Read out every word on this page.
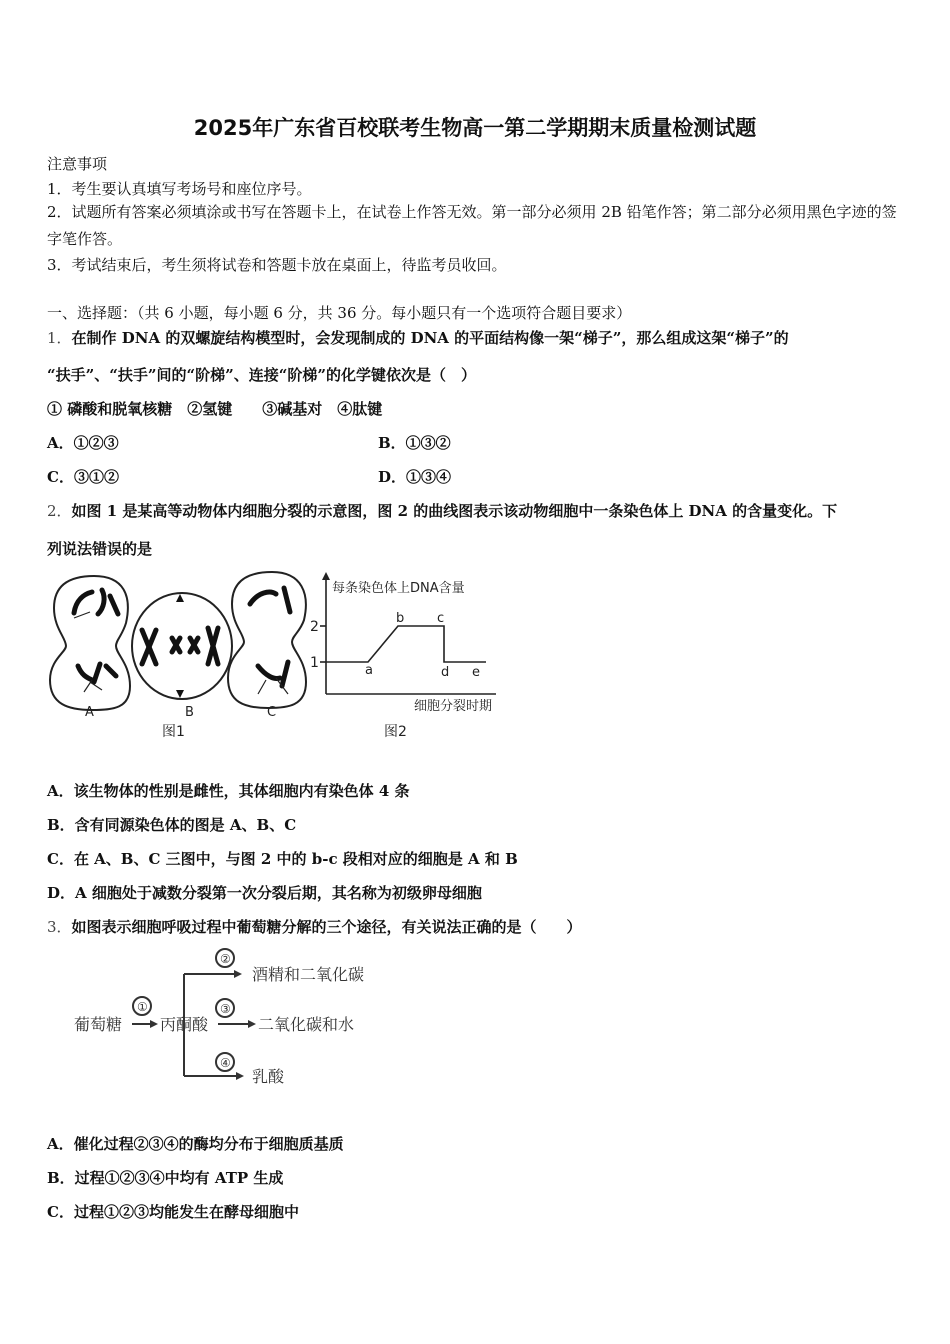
2025年广东省百校联考生物高一第二学期期末质量检测试题
注意事项
1．考生要认真填写考场号和座位序号。
2．试题所有答案必须填涂或书写在答题卡上，在试卷上作答无效。第一部分必须用 2B 铅笔作答；第二部分必须用黑色字迹的签字笔作答。
3．考试结束后，考生须将试卷和答题卡放在桌面上，待监考员收回。
一、选择题：（共 6 小题，每小题 6 分，共 36 分。每小题只有一个选项符合题目要求）
1．在制作 DNA 的双螺旋结构模型时，会发现制成的 DNA 的平面结构像一架“梯子”，那么组成这架“梯子”的
“扶手”、“扶手”间的“阶梯”、连接“阶梯”的化学键依次是（　）
① 磷酸和脱氧核糖　②氢键　　③碱基对　④肽键
A．①②③	B．①③②
C．③①②	D．①③④
2．如图 1 是某高等动物体内细胞分裂的示意图，图 2 的曲线图表示该动物细胞中一条染色体上 DNA 的含量变化。下
列说法错误的是
A	B	C
图1
每条染色体上DNA含量
2
1	a
b	c
d e
细胞分裂时期
图2
A．该生物体的性别是雌性，其体细胞内有染色体 4 条
B．含有同源染色体的图是 A、B、C
C．在 A、B、C 三图中，与图 2 中的 b-c 段相对应的细胞是 A 和 B
D．A 细胞处于减数分裂第一次分裂后期，其名称为初级卵母细胞
3．如图表示细胞呼吸过程中葡萄糖分解的三个途径，有关说法正确的是（　　）
葡萄糖
①
丙酮酸
②
③
④
酒精和二氧化碳
二氧化碳和水
乳酸
A．催化过程②③④的酶均分布于细胞质基质
B．过程①②③④中均有 ATP 生成
C．过程①②③均能发生在酵母细胞中
